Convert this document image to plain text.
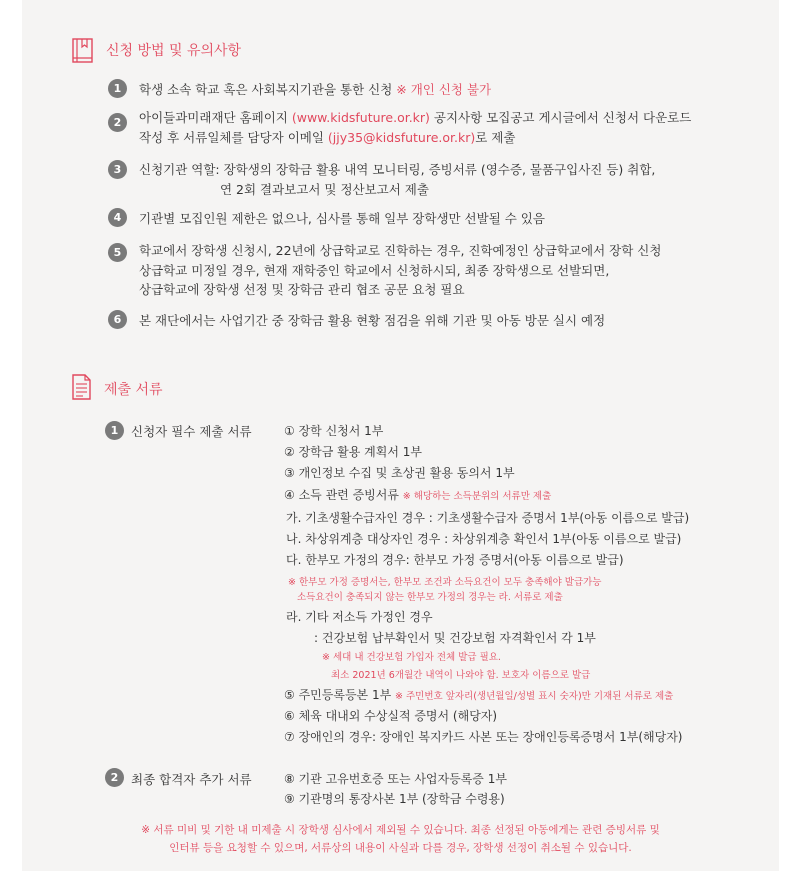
신청 방법 및 유의사항
1	학생 소속 학교 혹은 사회복지기관을 통한 신청 ※ 개인 신청 불가
2	아이들과미래재단 홈페이지 (www.kidsfuture.or.kr) 공지사항 모집공고 게시글에서 신청서 다운로드
작성 후 서류일체를 담당자 이메일 (jjy35@kidsfuture.or.kr)로 제출
3	신청기관 역할: 장학생의 장학금 활용 내역 모니터링, 증빙서류 (영수증, 물품구입사진 등) 취합,
연 2회 결과보고서 및 정산보고서 제출
4	기관별 모집인원 제한은 없으나, 심사를 통해 일부 장학생만 선발될 수 있음
5	학교에서 장학생 신청시, 22년에 상급학교로 진학하는 경우, 진학예정인 상급학교에서 장학 신청
상급학교 미정일 경우, 현재 재학중인 학교에서 신청하시되, 최종 장학생으로 선발되면,
상급학교에 장학생 선정 및 장학금 관리 협조 공문 요청 필요
6	본 재단에서는 사업기간 중 장학금 활용 현황 점검을 위해 기관 및 아동 방문 실시 예정
제출 서류
1	신청자 필수 제출 서류	① 장학 신청서 1부
② 장학금 활용 계획서 1부
③ 개인정보 수집 및 초상권 활용 동의서 1부
④ 소득 관련 증빙서류 ※ 해당하는 소득분위의 서류만 제출
가. 기초생활수급자인 경우 : 기초생활수급자 증명서 1부(아동 이름으로 발급)
나. 차상위계층 대상자인 경우 : 차상위계층 확인서 1부(아동 이름으로 발급)
다. 한부모 가정의 경우: 한부모 가정 증명서(아동 이름으로 발급)
※ 한부모 가정 증명서는, 한부모 조건과 소득요건이 모두 충족해야 발급가능
소득요건이 충족되지 않는 한부모 가정의 경우는 라. 서류로 제출
라. 기타 저소득 가정인 경우
: 건강보험 납부확인서 및 건강보험 자격확인서 각 1부
※ 세대 내 건강보험 가입자 전체 발급 필요.
최소 2021년 6개월간 내역이 나와야 함. 보호자 이름으로 발급
⑤ 주민등록등본 1부 ※ 주민번호 앞자리(생년월일/성별 표시 숫자)만 기재된 서류로 제출
⑥ 체육 대내외 수상실적 증명서 (해당자)
⑦ 장애인의 경우: 장애인 복지카드 사본 또는 장애인등록증명서 1부(해당자)
2	최종 합격자 추가 서류	⑧ 기관 고유번호증 또는 사업자등록증 1부
⑨ 기관명의 통장사본 1부 (장학금 수령용)
※ 서류 미비 및 기한 내 미제출 시 장학생 심사에서 제외될 수 있습니다. 최종 선정된 아동에게는 관련 증빙서류 및
인터뷰 등을 요청할 수 있으며, 서류상의 내용이 사실과 다를 경우, 장학생 선정이 취소될 수 있습니다.
